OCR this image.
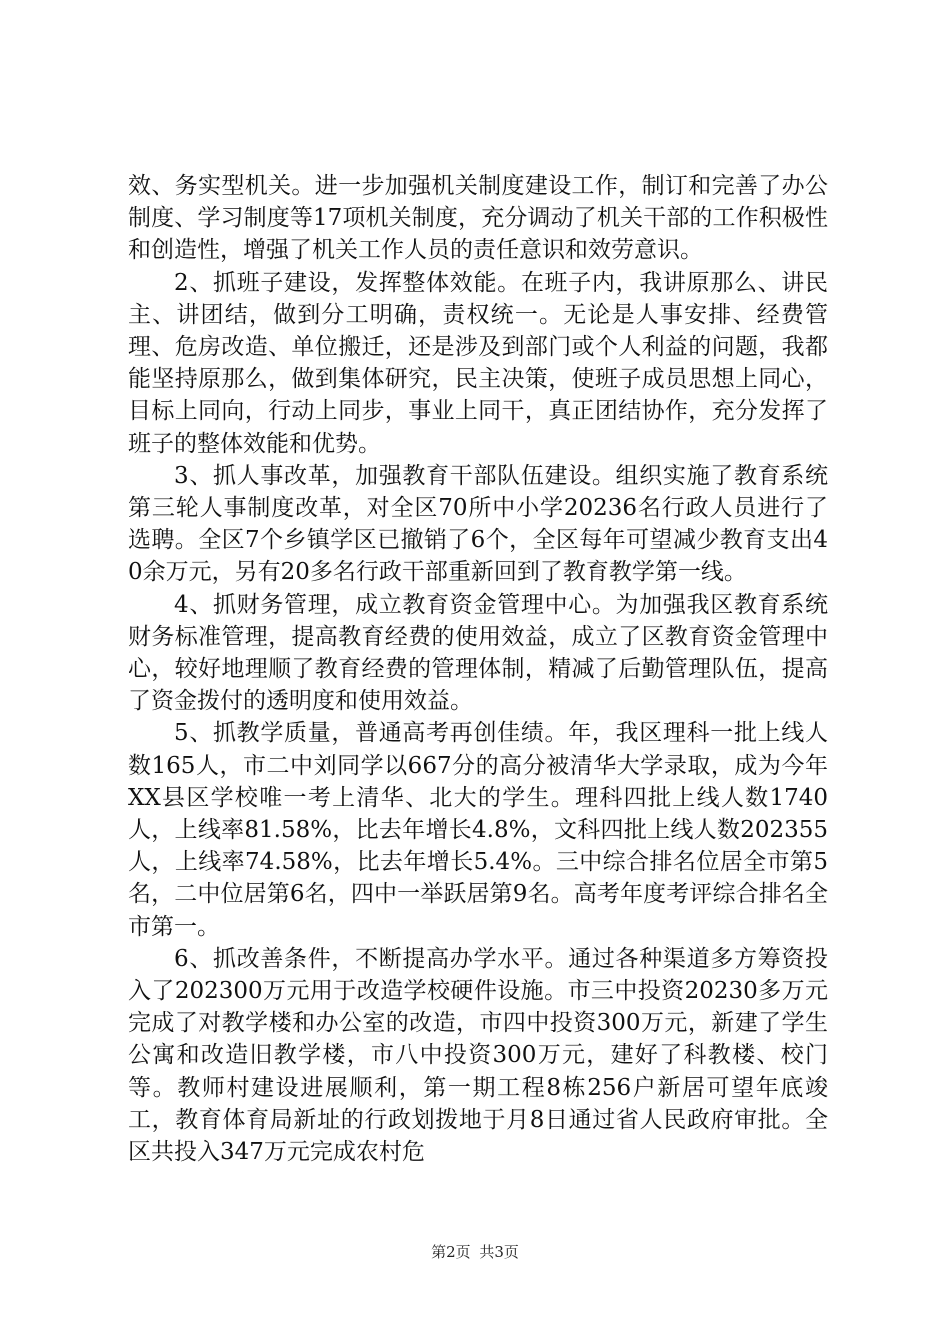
效、务实型机关。进一步加强机关制度建设工作，制订和完善了办公制度、学习制度等17项机关制度，充分调动了机关干部的工作积极性和创造性，增强了机关工作人员的责任意识和效劳意识。

2、抓班子建设，发挥整体效能。在班子内，我讲原那么、讲民主、讲团结，做到分工明确，责权统一。无论是人事安排、经费管理、危房改造、单位搬迁，还是涉及到部门或个人利益的问题，我都能坚持原那么，做到集体研究，民主决策，使班子成员思想上同心，目标上同向，行动上同步，事业上同干，真正团结协作，充分发挥了班子的整体效能和优势。

3、抓人事改革，加强教育干部队伍建设。组织实施了教育系统第三轮人事制度改革，对全区70所中小学20236名行政人员进行了选聘。全区7个乡镇学区已撤销了6个，全区每年可望减少教育支出40余万元，另有20多名行政干部重新回到了教育教学第一线。

4、抓财务管理，成立教育资金管理中心。为加强我区教育系统财务标准管理，提高教育经费的使用效益，成立了区教育资金管理中心，较好地理顺了教育经费的管理体制，精减了后勤管理队伍，提高了资金拨付的透明度和使用效益。

5、抓教学质量，普通高考再创佳绩。年，我区理科一批上线人数165人，市二中刘同学以667分的高分被清华大学录取，成为今年XX县区学校唯一考上清华、北大的学生。理科四批上线人数1740人，上线率81.58%，比去年增长4.8%，文科四批上线人数202355人，上线率74.58%，比去年增长5.4%。三中综合排名位居全市第5名，二中位居第6名，四中一举跃居第9名。高考年度考评综合排名全市第一。

6、抓改善条件，不断提高办学水平。通过各种渠道多方筹资投入了202300万元用于改造学校硬件设施。市三中投资20230多万元完成了对教学楼和办公室的改造，市四中投资300万元，新建了学生公寓和改造旧教学楼，市八中投资300万元，建好了科教楼、校门等。教师村建设进展顺利，第一期工程8栋256户新居可望年底竣工，教育体育局新址的行政划拨地于月8日通过省人民政府审批。全区共投入347万元完成农村危

第2页 共3页
